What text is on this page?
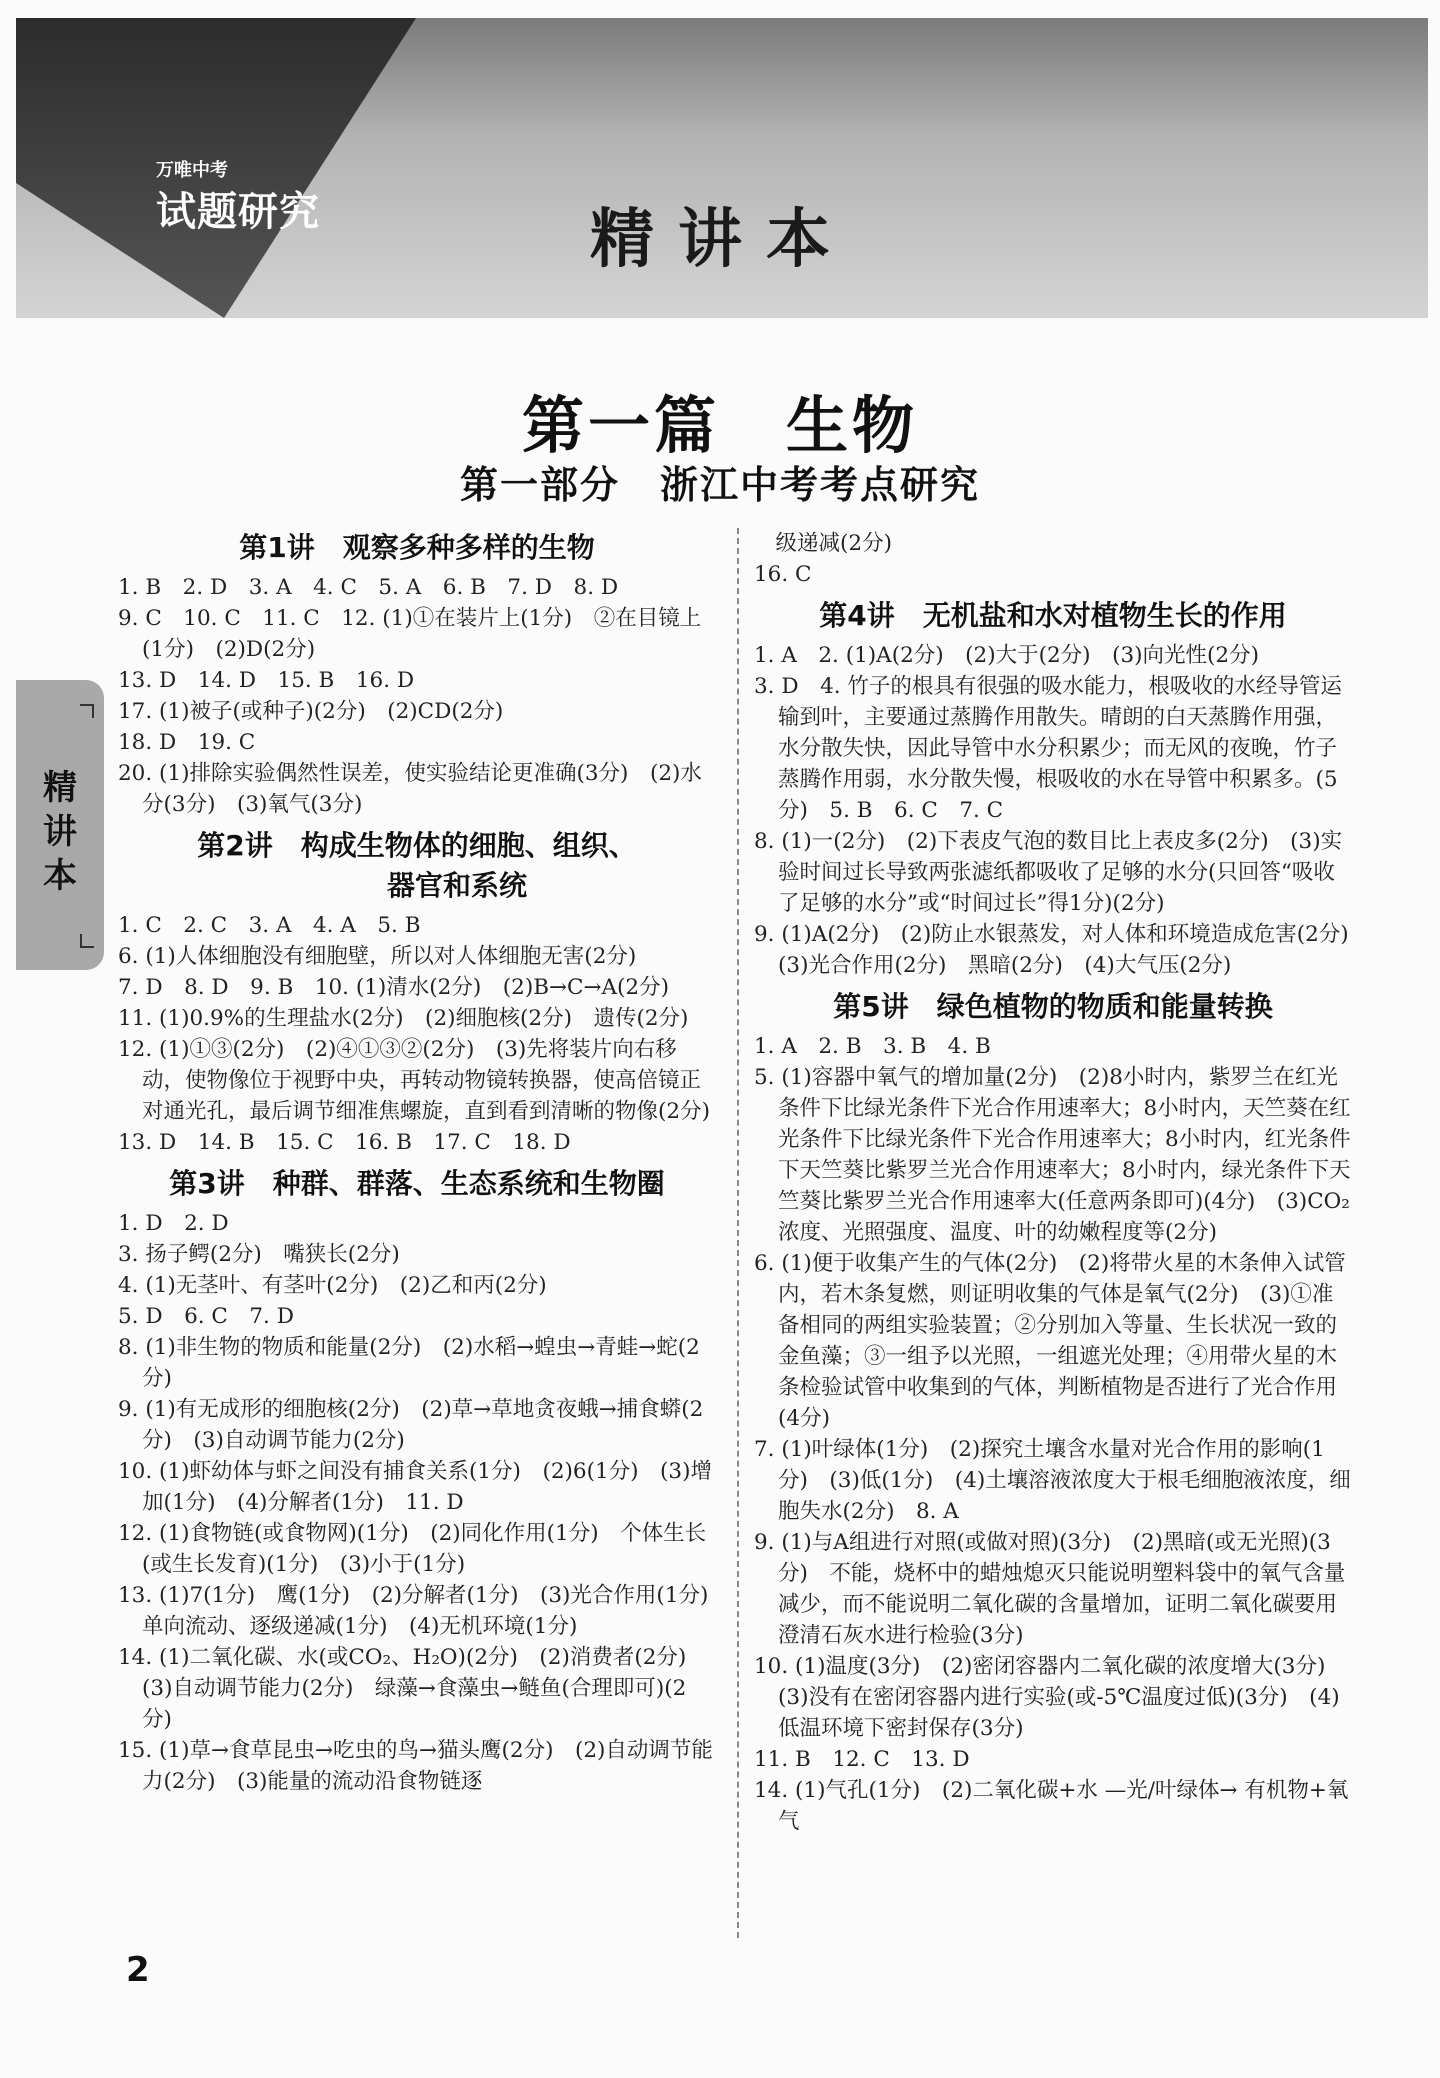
万唯中考
试题研究	精讲本
精
讲
本
第一篇　生物
第一部分　浙江中考考点研究
第1讲　观察多种多样的生物
1. B　2. D　3. A　4. C　5. A　6. B　7. D　8. D
9. C　10. C　11. C　12. (1)①在装片上(1分)　②在目镜上(1分)　(2)D(2分)
13. D　14. D　15. B　16. D
17. (1)被子(或种子)(2分)　(2)CD(2分)
18. D　19. C
20. (1)排除实验偶然性误差，使实验结论更准确(3分)　(2)水分(3分)　(3)氧气(3分)
第2讲　构成生物体的细胞、组织、
器官和系统
1. C　2. C　3. A　4. A　5. B
6. (1)人体细胞没有细胞壁，所以对人体细胞无害(2分)
7. D　8. D　9. B　10. (1)清水(2分)　(2)B→C→A(2分)
11. (1)0.9%的生理盐水(2分)　(2)细胞核(2分)　遗传(2分)
12. (1)①③(2分)　(2)④①③②(2分)　(3)先将装片向右移动，使物像位于视野中央，再转动物镜转换器，使高倍镜正对通光孔，最后调节细准焦螺旋，直到看到清晰的物像(2分)
13. D　14. B　15. C　16. B　17. C　18. D
第3讲　种群、群落、生态系统和生物圈
1. D　2. D
3. 扬子鳄(2分)　嘴狭长(2分)
4. (1)无茎叶、有茎叶(2分)　(2)乙和丙(2分)
5. D　6. C　7. D
8. (1)非生物的物质和能量(2分)　(2)水稻→蝗虫→青蛙→蛇(2分)
9. (1)有无成形的细胞核(2分)　(2)草→草地贪夜蛾→捕食蟒(2分)　(3)自动调节能力(2分)
10. (1)虾幼体与虾之间没有捕食关系(1分)　(2)6(1分)　(3)增加(1分)　(4)分解者(1分)　11. D
12. (1)食物链(或食物网)(1分)　(2)同化作用(1分)　个体生长(或生长发育)(1分)　(3)小于(1分)
13. (1)7(1分)　鹰(1分)　(2)分解者(1分)　(3)光合作用(1分)　单向流动、逐级递减(1分)　(4)无机环境(1分)
14. (1)二氧化碳、水(或CO₂、H₂O)(2分)　(2)消费者(2分)　(3)自动调节能力(2分)　绿藻→食藻虫→鲢鱼(合理即可)(2分)
15. (1)草→食草昆虫→吃虫的鸟→猫头鹰(2分)　(2)自动调节能力(2分)　(3)能量的流动沿食物链逐
　级递减(2分)
16. C
第4讲　无机盐和水对植物生长的作用
1. A　2. (1)A(2分)　(2)大于(2分)　(3)向光性(2分)
3. D　4. 竹子的根具有很强的吸水能力，根吸收的水经导管运输到叶，主要通过蒸腾作用散失。晴朗的白天蒸腾作用强，水分散失快，因此导管中水分积累少；而无风的夜晚，竹子蒸腾作用弱，水分散失慢，根吸收的水在导管中积累多。(5分)　5. B　6. C　7. C
8. (1)一(2分)　(2)下表皮气泡的数目比上表皮多(2分)　(3)实验时间过长导致两张滤纸都吸收了足够的水分(只回答“吸收了足够的水分”或“时间过长”得1分)(2分)
9. (1)A(2分)　(2)防止水银蒸发，对人体和环境造成危害(2分)　(3)光合作用(2分)　黑暗(2分)　(4)大气压(2分)
第5讲　绿色植物的物质和能量转换
1. A　2. B　3. B　4. B
5. (1)容器中氧气的增加量(2分)　(2)8小时内，紫罗兰在红光条件下比绿光条件下光合作用速率大；8小时内，天竺葵在红光条件下比绿光条件下光合作用速率大；8小时内，红光条件下天竺葵比紫罗兰光合作用速率大；8小时内，绿光条件下天竺葵比紫罗兰光合作用速率大(任意两条即可)(4分)　(3)CO₂浓度、光照强度、温度、叶的幼嫩程度等(2分)
6. (1)便于收集产生的气体(2分)　(2)将带火星的木条伸入试管内，若木条复燃，则证明收集的气体是氧气(2分)　(3)①准备相同的两组实验装置；②分别加入等量、生长状况一致的金鱼藻；③一组予以光照，一组遮光处理；④用带火星的木条检验试管中收集到的气体，判断植物是否进行了光合作用(4分)
7. (1)叶绿体(1分)　(2)探究土壤含水量对光合作用的影响(1分)　(3)低(1分)　(4)土壤溶液浓度大于根毛细胞液浓度，细胞失水(2分)　8. A
9. (1)与A组进行对照(或做对照)(3分)　(2)黑暗(或无光照)(3分)　不能，烧杯中的蜡烛熄灭只能说明塑料袋中的氧气含量减少，而不能说明二氧化碳的含量增加，证明二氧化碳要用澄清石灰水进行检验(3分)
10. (1)温度(3分)　(2)密闭容器内二氧化碳的浓度增大(3分)　(3)没有在密闭容器内进行实验(或-5℃温度过低)(3分)　(4)低温环境下密封保存(3分)
11. B　12. C　13. D
14. (1)气孔(1分)　(2)二氧化碳+水 —光/叶绿体→ 有机物+氧气
2
